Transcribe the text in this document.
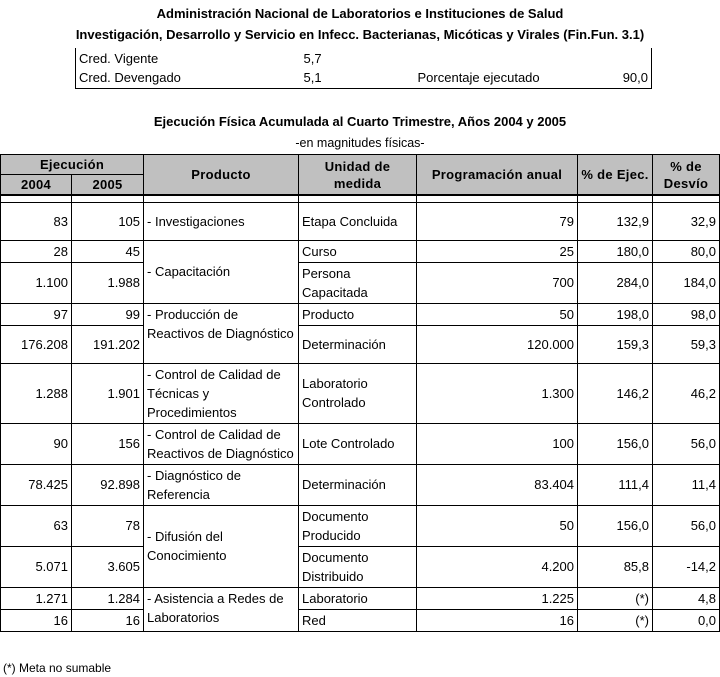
Administración Nacional de Laboratorios e Instituciones de Salud
Investigación, Desarrollo y Servicio en Infecc. Bacterianas, Micóticas y Virales (Fin.Fun. 3.1)
Cred. Vigente	5,7		
Cred. Devengado	5,1	Porcentaje ejecutado	90,0
Ejecución Física Acumulada al Cuarto Trimestre, Años 2004 y 2005
-en magnitudes físicas-
Ejecución		Producto	Unidad de medida	Programación anual	% de Ejec.	% de Desvío
2004	2005					

83	105	- Investigaciones	Etapa Concluida	79	132,9	32,9
28	45	- Capacitación	Curso	25	180,0	80,0
1.100	1.988		Persona Capacitada	700	284,0	184,0
97	99	- Producción de Reactivos de Diagnóstico	Producto	50	198,0	98,0
176.208	191.202		Determinación	120.000	159,3	59,3
1.288	1.901	- Control de Calidad de Técnicas y Procedimientos	Laboratorio Controlado	1.300	146,2	46,2
90	156	- Control de Calidad de Reactivos de Diagnóstico	Lote Controlado	100	156,0	56,0
78.425	92.898	- Diagnóstico de Referencia	Determinación	83.404	111,4	11,4
63	78	- Difusión del Conocimiento	Documento Producido	50	156,0	56,0
5.071	3.605		Documento Distribuido	4.200	85,8	-14,2
1.271	1.284	- Asistencia a Redes de Laboratorios	Laboratorio	1.225	(*)	4,8
16	16		Red	16	(*)	0,0
(*) Meta no sumable
